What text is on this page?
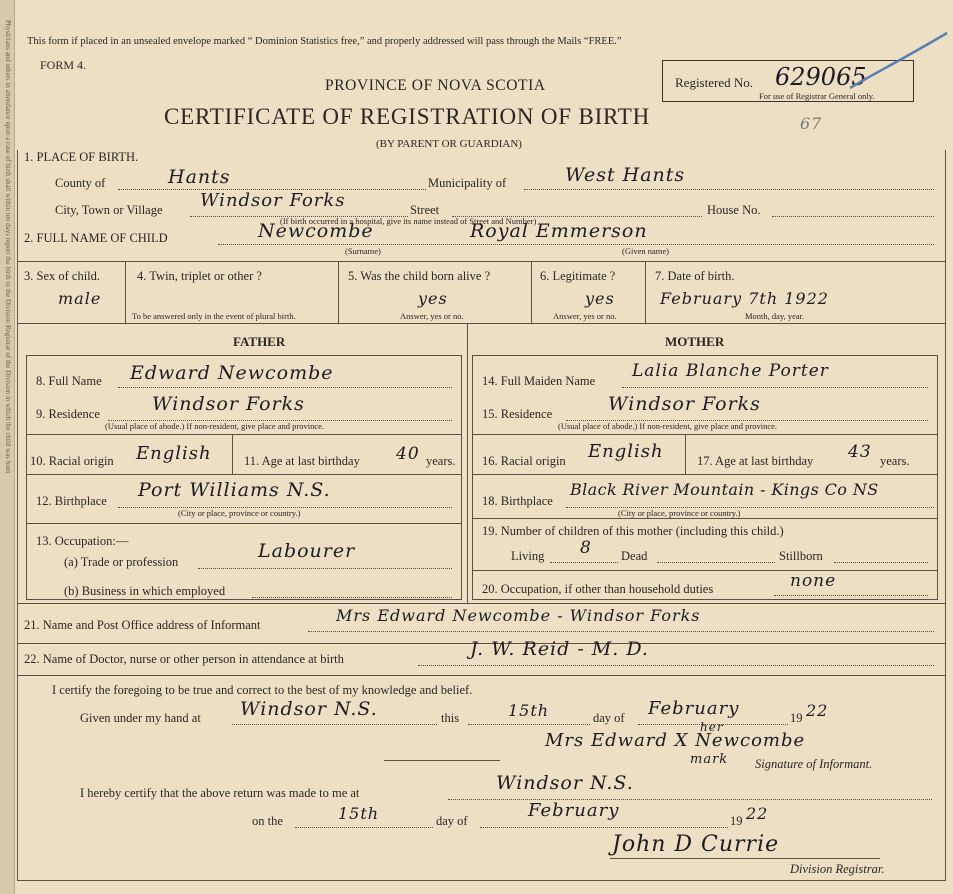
Physicians and others in attendance upon a case of birth shall within ten days report the birth to the Division Registrar of the Division in which the child was born This form if placed in an unsealed envelope marked “ Dominion Statistics free,” and properly addressed will pass through the Mails “FREE.”
FORM 4.
PROVINCE OF NOVA SCOTIA
CERTIFICATE OF REGISTRATION OF BIRTH
(BY PARENT OR GUARDIAN)
67
Registered No. 629065
For use of Registrar General only.
1. PLACE OF BIRTH.
County of	Hants	Municipality of	West Hants
City, Town or Village Windsor Forks	Street
(If birth occurred in a hospital, give its name instead of Street and Number)
House No.
2. FULL NAME OF CHILD	Newcombe	Royal Emmerson
(Surname)	(Given name)
3. Sex of child.
male
4. Twin, triplet or other ?
To be answered only in the event of plural birth.
5. Was the child born alive ?
yes
Answer, yes or no.
6. Legitimate ?
yes
Answer, yes or no.
7. Date of birth.
February 7th 1922
Month, day, year.
FATHER	MOTHER
8. Full Name Edward Newcombe
9. Residence	Windsor Forks
(Usual place of abode.) If non-resident, give place and province.
10. Racial origin English	11. Age at last birthday 40 years.
12. Birthplace Port Williams N.S.
(City or place, province or country.)
13. Occupation:—
(a) Trade or profession	Labourer
(b) Business in which employed
14. Full Maiden Name Lalia Blanche Porter
15. Residence	Windsor Forks
(Usual place of abode.) If non-resident, give place and province.
16. Racial origin English	17. Age at last birthday 43 years.
18. Birthplace
Black River Mountain - Kings Co NS
(City or place, province or country.)
19. Number of children of this mother (including this child.)
Living 8 Dead	Stillborn
20. Occupation, if other than household duties	none
21. Name and Post Office address of Informant	Mrs Edward Newcombe - Windsor Forks
22. Name of Doctor, nurse or other person in attendance at birth	J. W. Reid - M. D.
I certify the foregoing to be true and correct to the best of my knowledge and belief.
Given under my hand at Windsor N.S.	this	15th	day of February	19 22
Mrs Edward X Newcombe
her
mark Signature of Informant.
I hereby certify that the above return was made to me at	Windsor N.S.
on the	15th	day of	February	19 22
John D Currie
Division Registrar.
